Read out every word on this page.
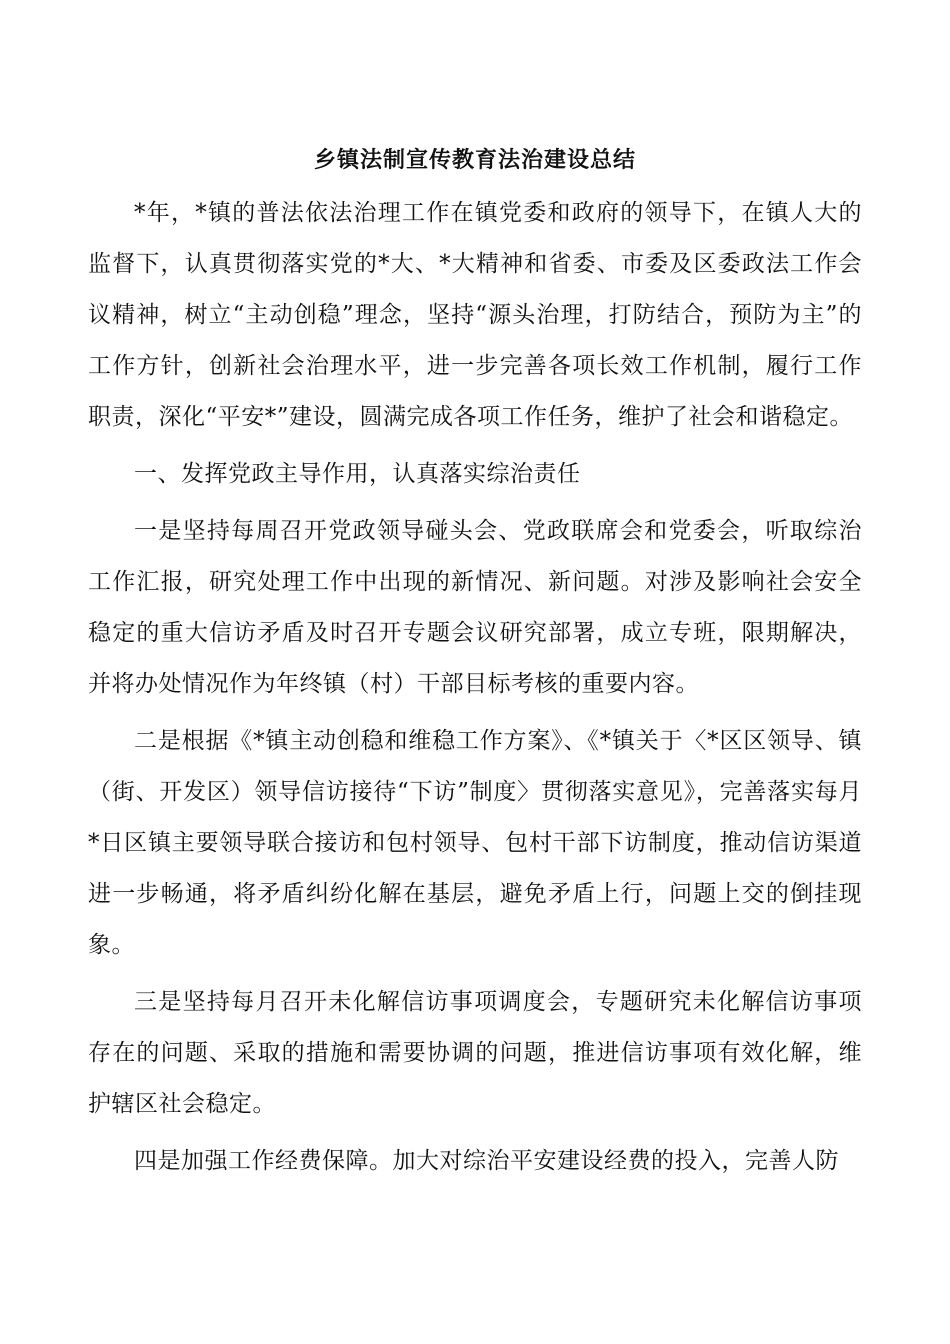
乡镇法制宣传教育法治建设总结

*年，*镇的普法依法治理工作在镇党委和政府的领导下，在镇人大的监督下，认真贯彻落实党的*大、*大精神和省委、市委及区委政法工作会议精神，树立“主动创稳”理念，坚持“源头治理，打防结合，预防为主”的工作方针，创新社会治理水平，进一步完善各项长效工作机制，履行工作职责，深化“平安*”建设，圆满完成各项工作任务，维护了社会和谐稳定。

一、发挥党政主导作用，认真落实综治责任

一是坚持每周召开党政领导碰头会、党政联席会和党委会，听取综治工作汇报，研究处理工作中出现的新情况、新问题。对涉及影响社会安全稳定的重大信访矛盾及时召开专题会议研究部署，成立专班，限期解决，并将办处情况作为年终镇（村）干部目标考核的重要内容。

二是根据《*镇主动创稳和维稳工作方案》、《*镇关于〈*区区领导、镇（街、开发区）领导信访接待“下访”制度〉贯彻落实意见》，完善落实每月*日区镇主要领导联合接访和包村领导、包村干部下访制度，推动信访渠道进一步畅通，将矛盾纠纷化解在基层，避免矛盾上行，问题上交的倒挂现象。

三是坚持每月召开未化解信访事项调度会，专题研究未化解信访事项存在的问题、采取的措施和需要协调的问题，推进信访事项有效化解，维护辖区社会稳定。

四是加强工作经费保障。加大对综治平安建设经费的投入，完善人防
